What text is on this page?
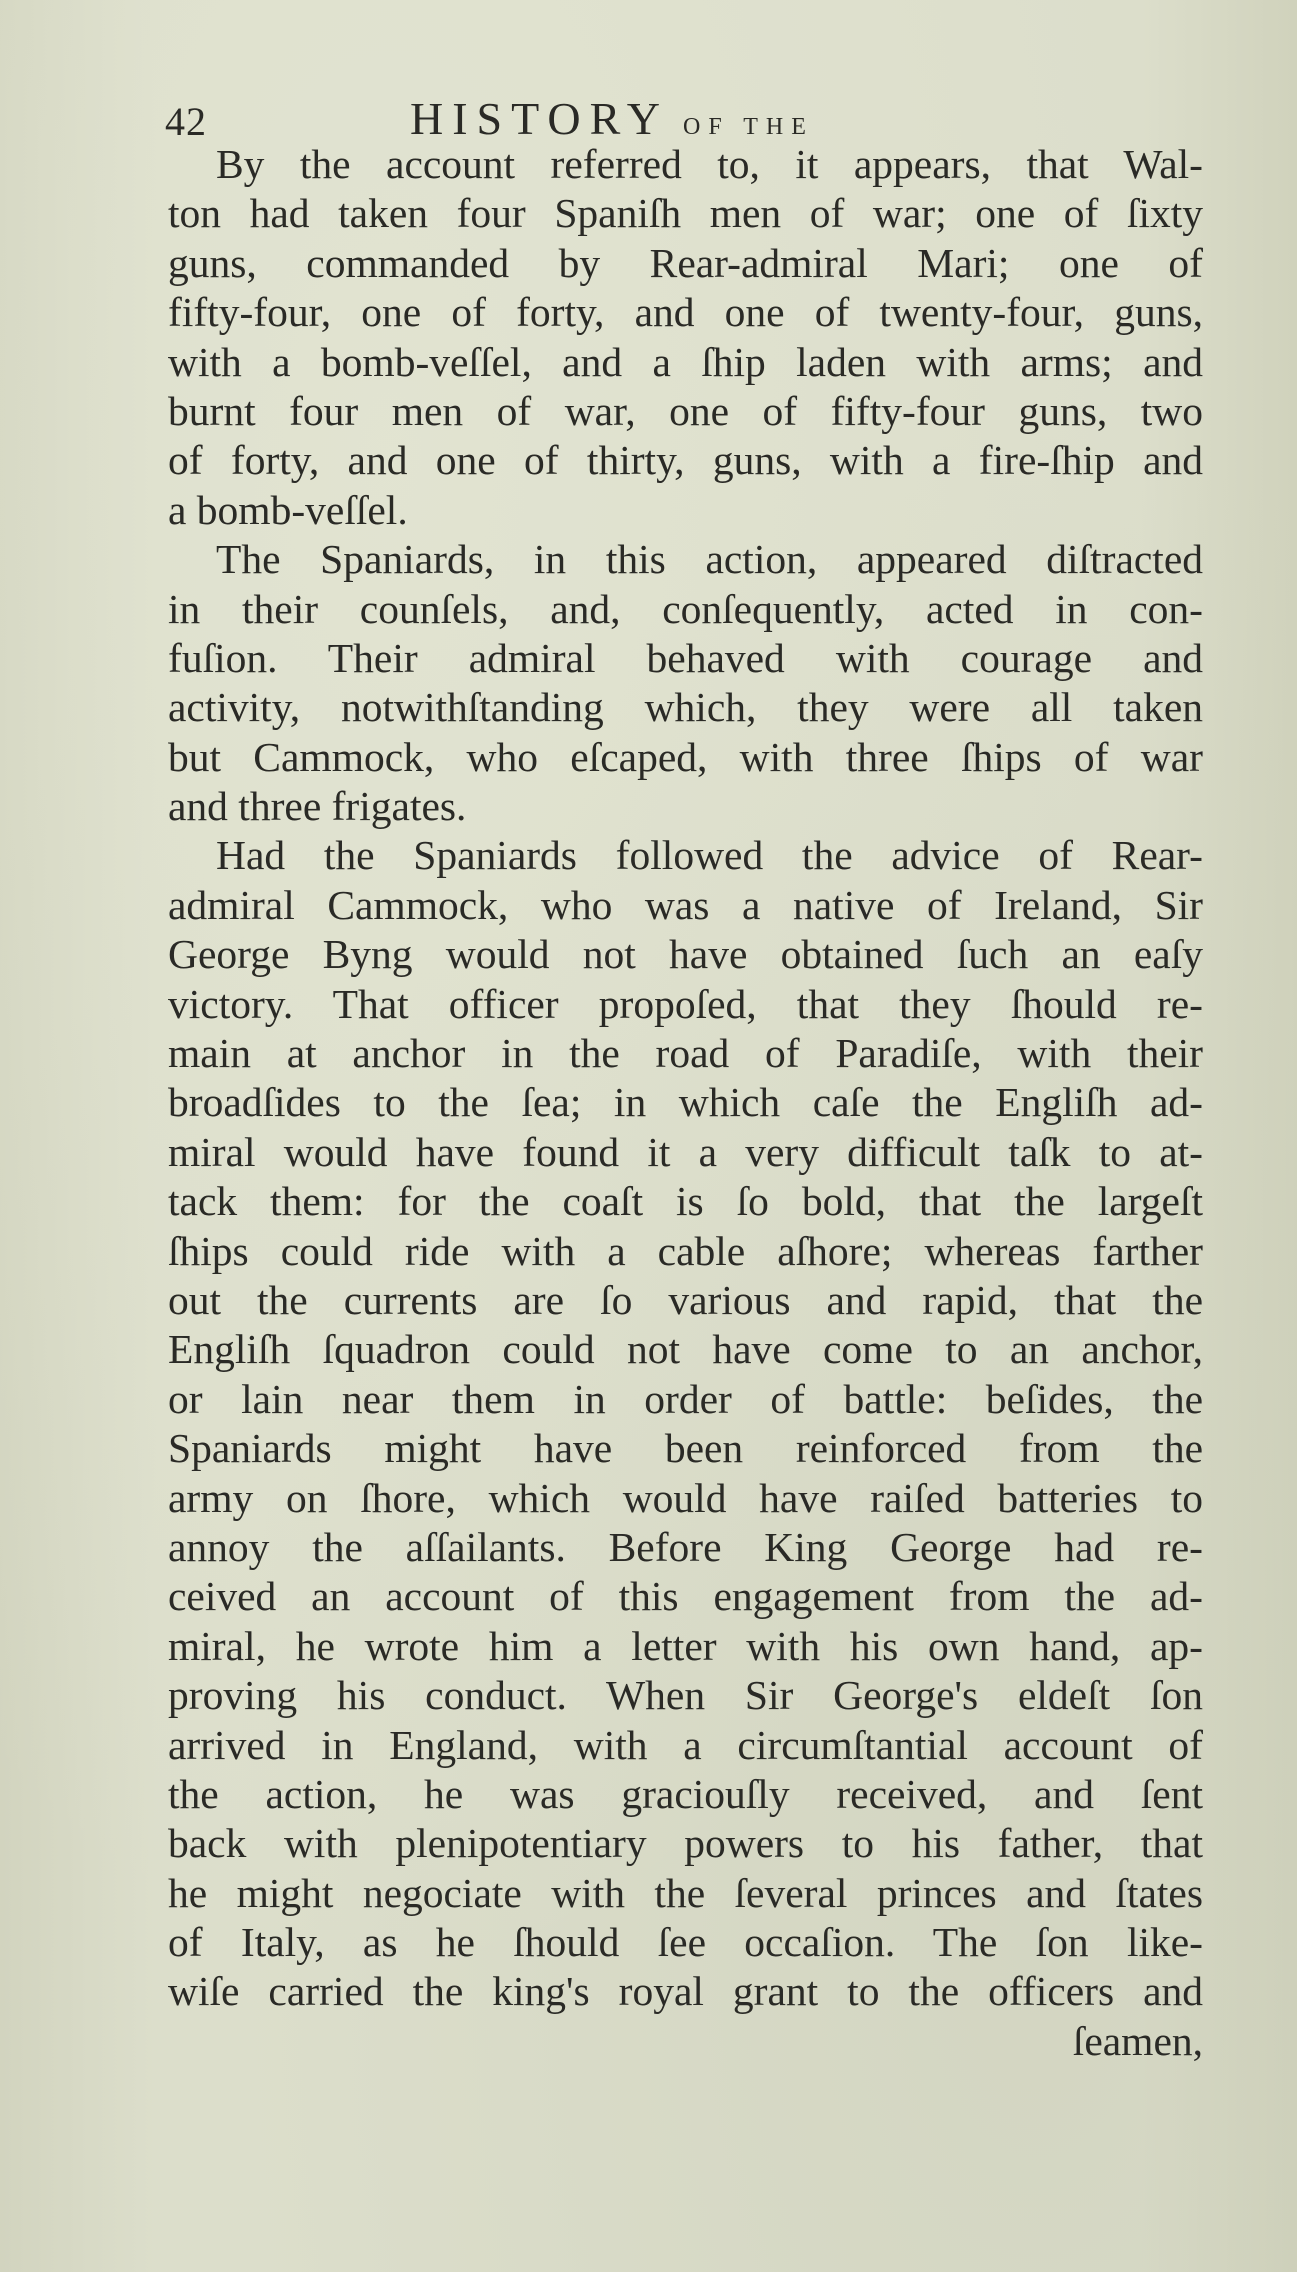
42	HISTORY OF THE
By the account referred to, it appears, that Wal-
ton had taken four Spaniſh men of war; one of ſixty
guns, commanded by Rear-admiral Mari; one of
fifty-four, one of forty, and one of twenty-four, guns,
with a bomb-veſſel, and a ſhip laden with arms; and
burnt four men of war, one of fifty-four guns, two
of forty, and one of thirty, guns, with a fire-ſhip and
a bomb-veſſel.
The Spaniards, in this action, appeared diſtracted
in their counſels, and, conſequently, acted in con-
fuſion. Their admiral behaved with courage and
activity, notwithſtanding which, they were all taken
but Cammock, who eſcaped, with three ſhips of war
and three frigates.
Had the Spaniards followed the advice of Rear-
admiral Cammock, who was a native of Ireland, Sir
George Byng would not have obtained ſuch an eaſy
victory. That officer propoſed, that they ſhould re-
main at anchor in the road of Paradiſe, with their
broadſides to the ſea; in which caſe the Engliſh ad-
miral would have found it a very difficult taſk to at-
tack them: for the coaſt is ſo bold, that the largeſt
ſhips could ride with a cable aſhore; whereas farther
out the currents are ſo various and rapid, that the
Engliſh ſquadron could not have come to an anchor,
or lain near them in order of battle: beſides, the
Spaniards might have been reinforced from the
army on ſhore, which would have raiſed batteries to
annoy the aſſailants. Before King George had re-
ceived an account of this engagement from the ad-
miral, he wrote him a letter with his own hand, ap-
proving his conduct. When Sir George's eldeſt ſon
arrived in England, with a circumſtantial account of
the action, he was graciouſly received, and ſent
back with plenipotentiary powers to his father, that
he might negociate with the ſeveral princes and ſtates
of Italy, as he ſhould ſee occaſion. The ſon like-
wiſe carried the king's royal grant to the officers and
ſeamen,
